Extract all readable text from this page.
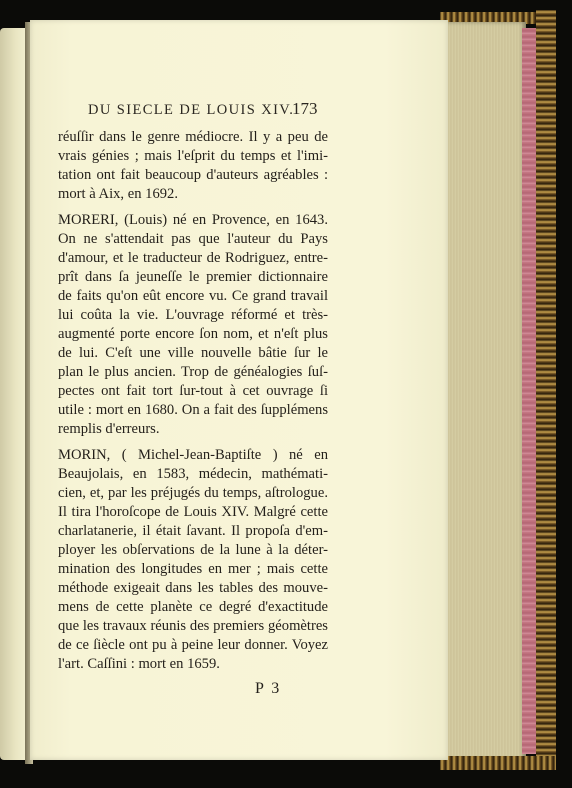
DU SIECLE DE LOUIS XIV.
173
réuſſir dans le genre médiocre. Il y a peu de
vrais génies ; mais l'eſprit du temps et l'imi-
tation ont fait beaucoup d'auteurs agréables :
mort à Aix, en 1692.
MORERI, (Louis) né en Provence, en 1643.
On ne s'attendait pas que l'auteur du Pays
d'amour, et le traducteur de Rodriguez, entre-
prît dans ſa jeuneſſe le premier dictionnaire
de faits qu'on eût encore vu. Ce grand travail
lui coûta la vie. L'ouvrage réformé et très-
augmenté porte encore ſon nom, et n'eſt plus
de lui. C'eſt une ville nouvelle bâtie ſur le
plan le plus ancien. Trop de généalogies ſuſ-
pectes ont fait tort ſur-tout à cet ouvrage ſi
utile : mort en 1680. On a fait des ſupplémens
remplis d'erreurs.
MORIN, ( Michel-Jean-Baptiſte ) né en
Beaujolais, en 1583, médecin, mathémati-
cien, et, par les préjugés du temps, aſtrologue.
Il tira l'horoſcope de Louis XIV. Malgré cette
charlatanerie, il était ſavant. Il propoſa d'em-
ployer les obſervations de la lune à la déter-
mination des longitudes en mer ; mais cette
méthode exigeait dans les tables des mouve-
mens de cette planète ce degré d'exactitude
que les travaux réunis des premiers géomètres
de ce ſiècle ont pu à peine leur donner. Voyez
l'art. Caſſini : mort en 1659.
P 3
